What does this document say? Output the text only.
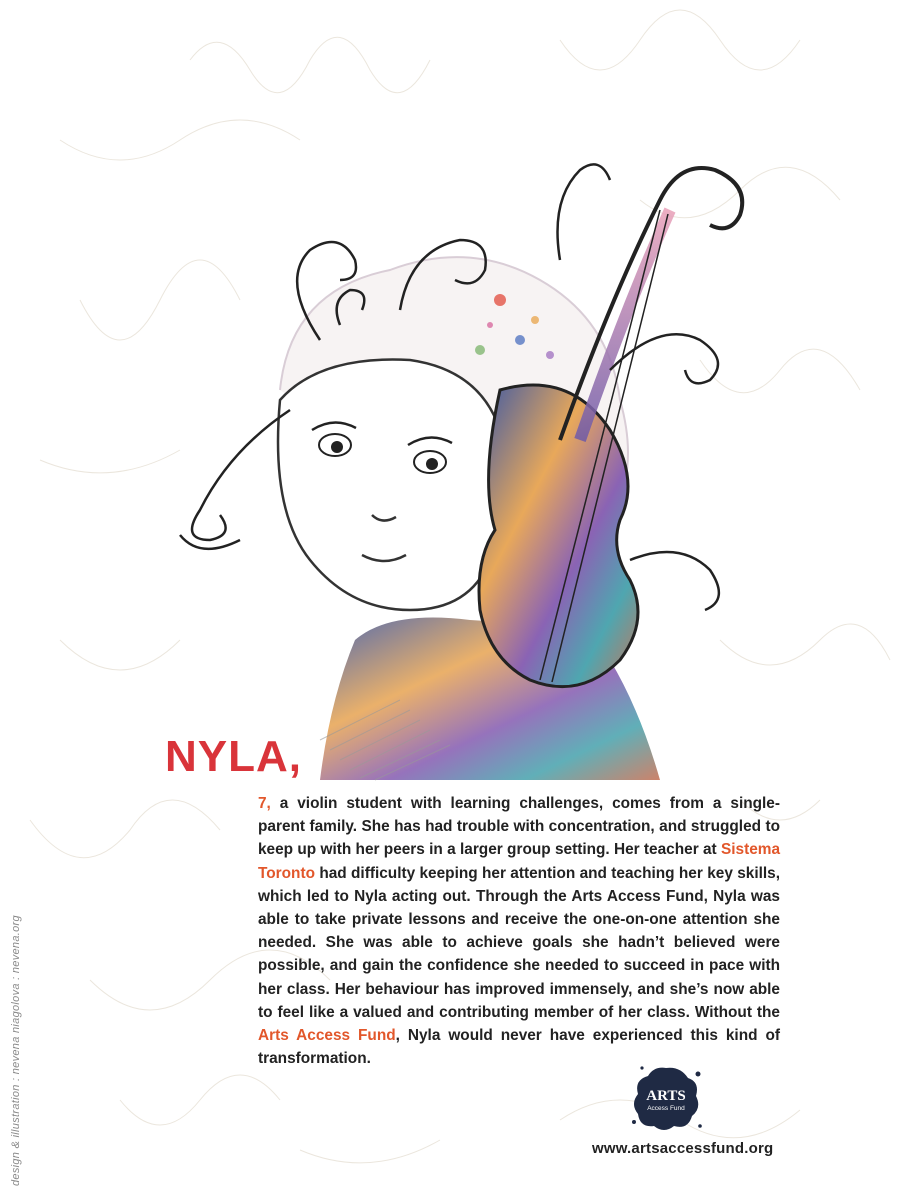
NYLA,

7, a violin student with learning challenges, comes from a single-parent family. She has had trouble with concentration, and struggled to keep up with her peers in a larger group setting. Her teacher at Sistema Toronto had difficulty keeping her attention and teaching her key skills, which led to Nyla acting out. Through the Arts Access Fund, Nyla was able to take private lessons and receive the one-on-one attention she needed. She was able to achieve goals she hadn’t believed were possible, and gain the confidence she needed to succeed in pace with her class. Her behaviour has improved immensely, and she’s now able to feel like a valued and contributing member of her class. Without the Arts Access Fund, Nyla would never have experienced this kind of transformation.

ARTS
Access Fund
www.artsaccessfund.org
design & illustration : nevena niagolova : nevena.org
